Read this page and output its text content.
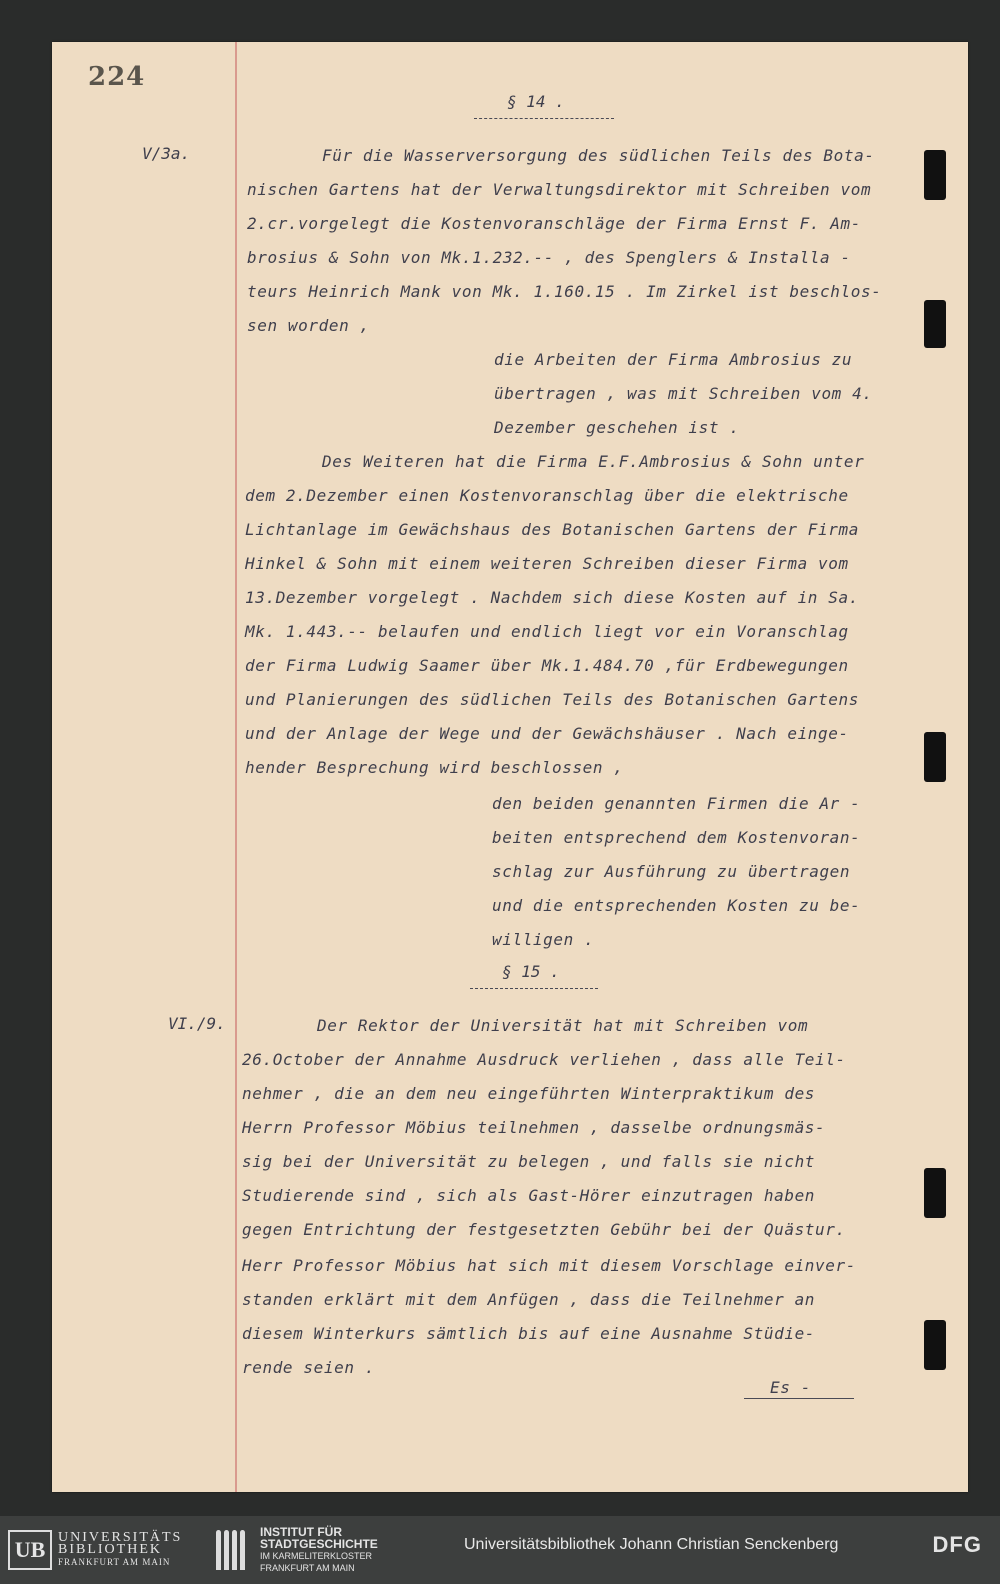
224
§ 14 .
V/3a.	Für die Wasserversorgung des südlichen Teils des Bota-
nischen Gartens hat der Verwaltungsdirektor mit Schreiben vom
2.cr.vorgelegt die Kostenvoranschläge der Firma Ernst F. Am-
brosius & Sohn von Mk.1.232.-- , des Spenglers & Installa -
teurs Heinrich Mank von Mk. 1.160.15 . Im Zirkel ist beschlos-
sen worden ,
die Arbeiten der Firma Ambrosius zu
übertragen , was mit Schreiben vom 4.
Dezember geschehen ist .
Des Weiteren hat die Firma E.F.Ambrosius & Sohn unter
dem 2.Dezember einen Kostenvoranschlag über die elektrische
Lichtanlage im Gewächshaus des Botanischen Gartens der Firma
Hinkel & Sohn mit einem weiteren Schreiben dieser Firma vom
13.Dezember vorgelegt . Nachdem sich diese Kosten auf in Sa.
Mk. 1.443.-- belaufen und endlich liegt vor ein Voranschlag
der Firma Ludwig Saamer über Mk.1.484.70 ,für Erdbewegungen
und Planierungen des südlichen Teils des Botanischen Gartens
und der Anlage der Wege und der Gewächshäuser . Nach einge-
hender Besprechung wird beschlossen ,
den beiden genannten Firmen die Ar -
beiten entsprechend dem Kostenvoran-
schlag zur Ausführung zu übertragen
und die entsprechenden Kosten zu be-
willigen .
§ 15 .
VI./9.	Der Rektor der Universität hat mit Schreiben vom
26.October der Annahme Ausdruck verliehen , dass alle Teil-
nehmer , die an dem neu eingeführten Winterpraktikum des
Herrn Professor Möbius teilnehmen , dasselbe ordnungsmäs-
sig bei der Universität zu belegen , und falls sie nicht
Studierende sind , sich als Gast-Hörer einzutragen haben
gegen Entrichtung der festgesetzten Gebühr bei der Quästur.
Herr Professor Möbius hat sich mit diesem Vorschlage einver-
standen erklärt mit dem Anfügen , dass die Teilnehmer an
diesem Winterkurs sämtlich bis auf eine Ausnahme Stüdie-
rende seien .
Es -
UB UNIVERSITÄTS
BIBLIOTHEK
FRANKFURT AM MAIN
INSTITUT FÜR
STADTGESCHICHTE
IM KARMELITERKLOSTER
FRANKFURT AM MAIN
Universitätsbibliothek Johann Christian Senckenberg	DFG
